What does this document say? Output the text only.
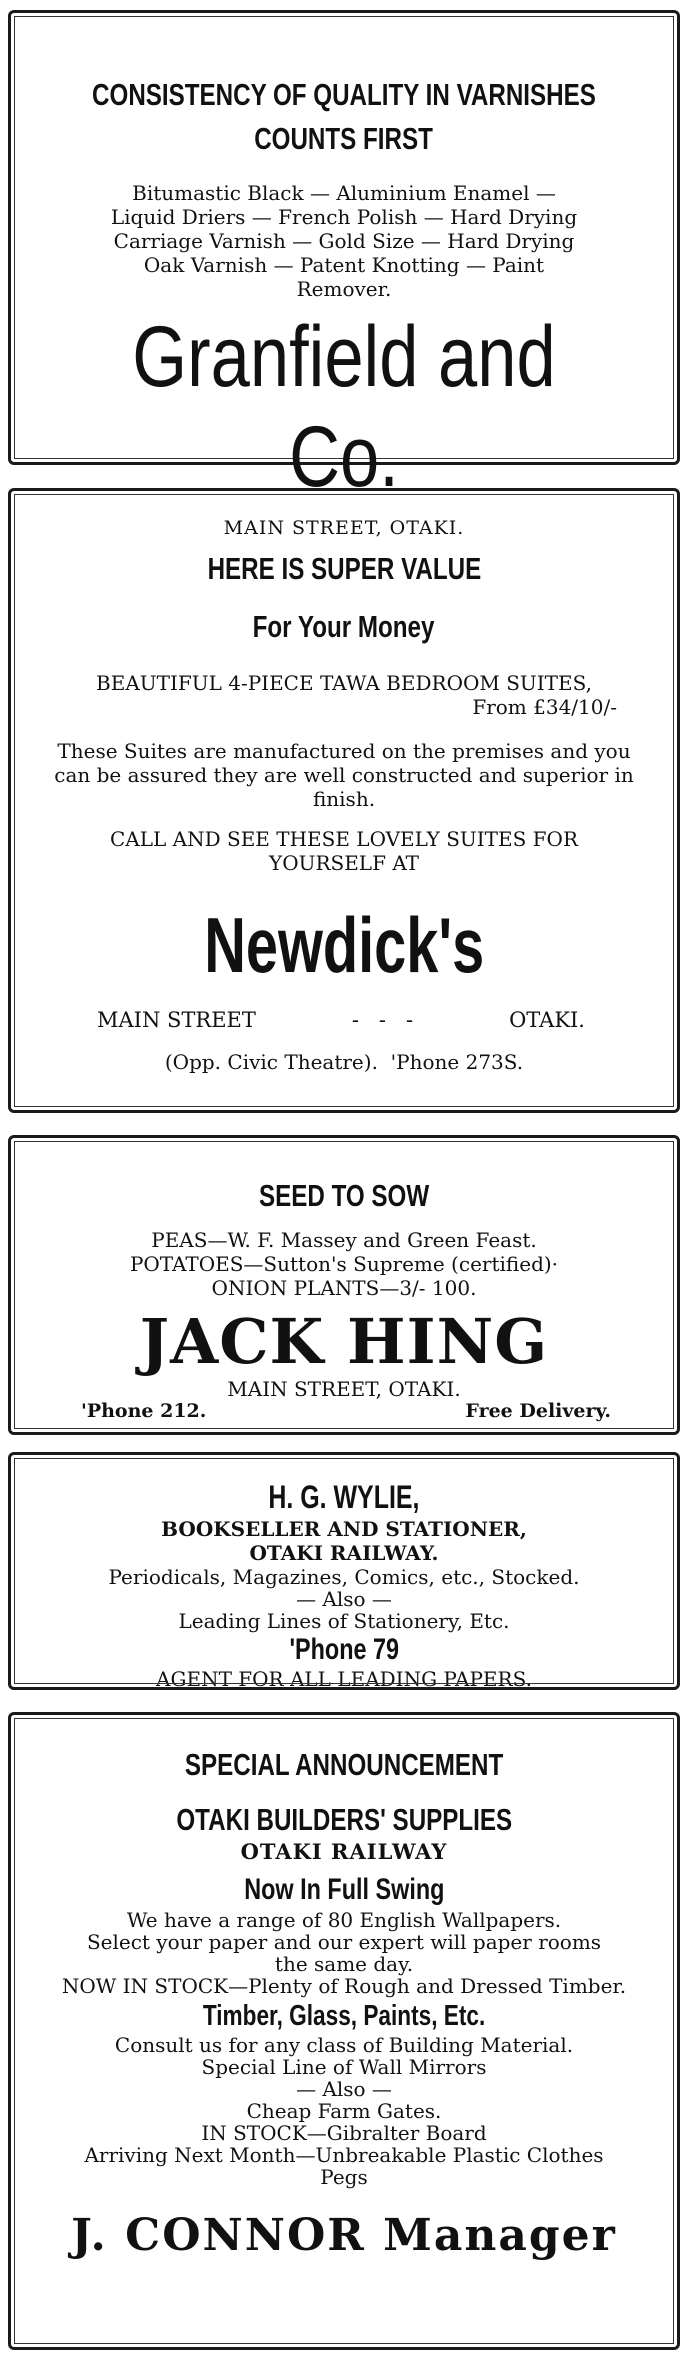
CONSISTENCY OF QUALITY IN VARNISHES
COUNTS FIRST
Bitumastic Black — Aluminium Enamel —
Liquid Driers — French Polish — Hard Drying
Carriage Varnish — Gold Size — Hard Drying
Oak Varnish — Patent Knotting — Paint
Remover.
Granfield and Co.
MAIN STREET, OTAKI.
HERE IS SUPER VALUE
For Your Money
BEAUTIFUL 4-PIECE TAWA BEDROOM SUITES,
From £34/10/-
These Suites are manufactured on the premises and you
can be assured they are well constructed and superior in
finish.
CALL AND SEE THESE LOVELY SUITES FOR
YOURSELF AT
Newdick's
MAIN STREET	-   -   -	OTAKI.
(Opp. Civic Theatre).  'Phone 273S.
SEED TO SOW
PEAS—W. F. Massey and Green Feast.
POTATOES—Sutton's Supreme (certified)·
ONION PLANTS—3/- 100.
JACK HING
MAIN STREET, OTAKI.
'Phone 212.	Free Delivery.
H. G. WYLIE,
BOOKSELLER AND STATIONER,
OTAKI RAILWAY.
Periodicals, Magazines, Comics, etc., Stocked.
— Also —
Leading Lines of Stationery, Etc.
'Phone 79
AGENT FOR ALL LEADING PAPERS.
SPECIAL ANNOUNCEMENT
OTAKI BUILDERS' SUPPLIES
OTAKI RAILWAY
Now In Full Swing
We have a range of 80 English Wallpapers.
Select your paper and our expert will paper rooms
the same day.
NOW IN STOCK—Plenty of Rough and Dressed Timber.
Timber, Glass, Paints, Etc.
Consult us for any class of Building Material.
Special Line of Wall Mirrors
— Also —
Cheap Farm Gates.
IN STOCK—Gibralter Board
Arriving Next Month—Unbreakable Plastic Clothes
Pegs
J. CONNOR Manager
